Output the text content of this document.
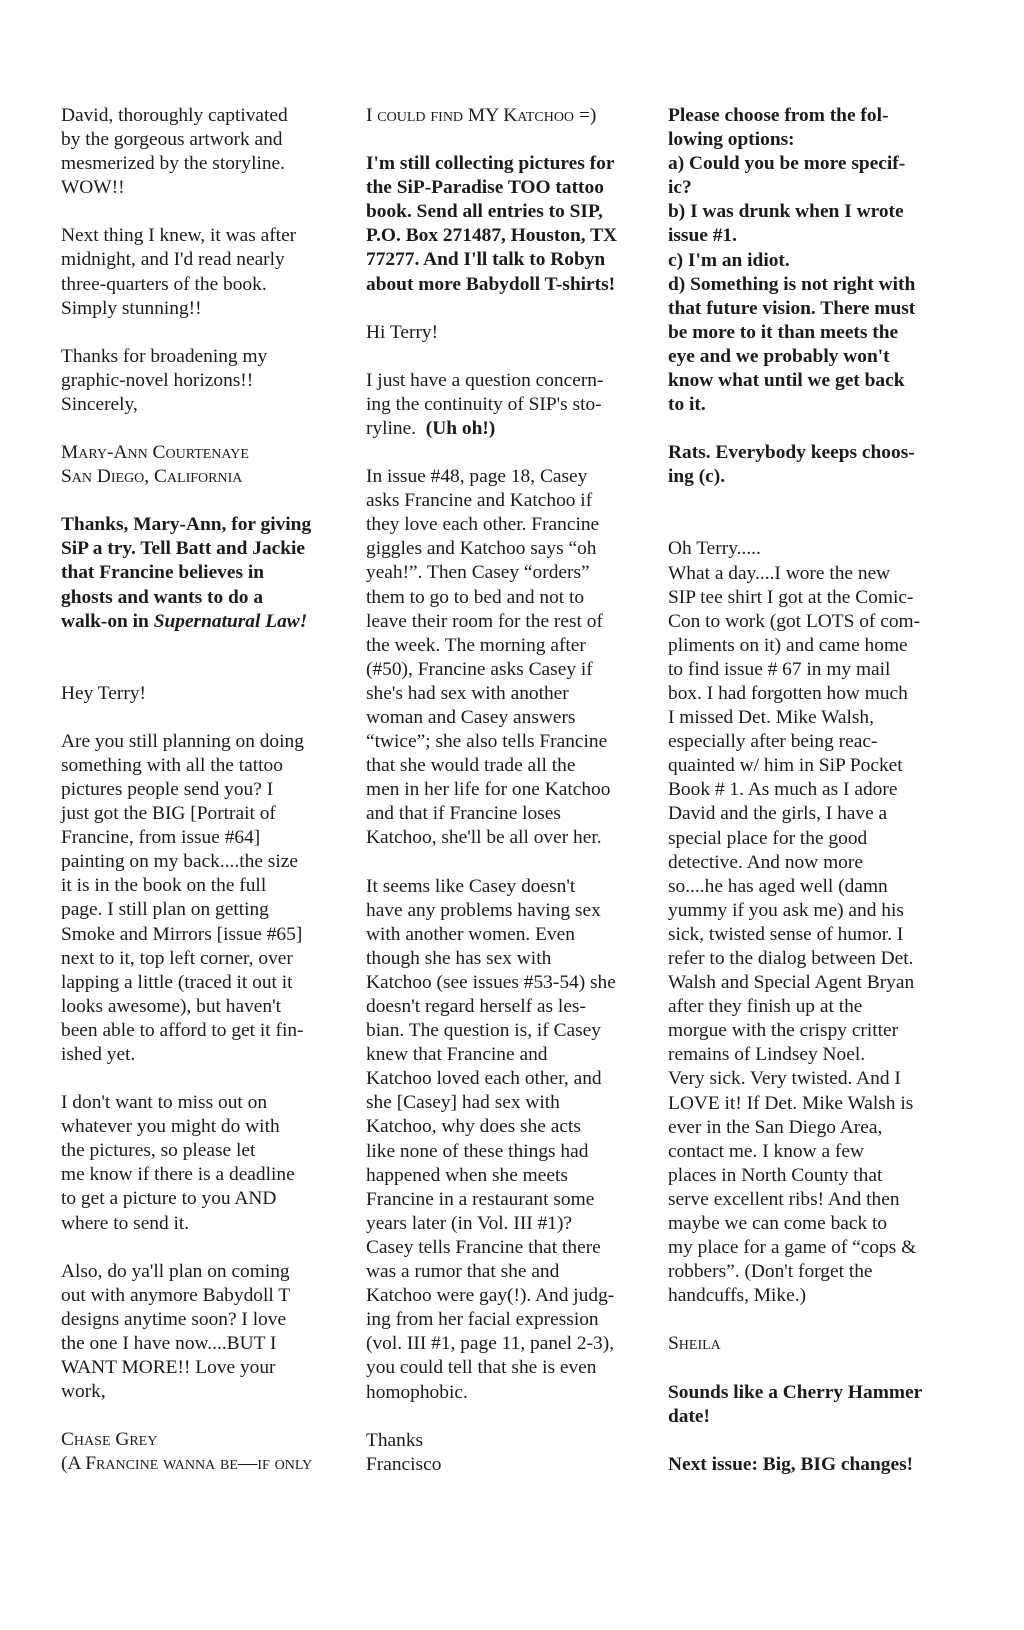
David, thoroughly captivated
by the gorgeous artwork and
mesmerized by the storyline.
WOW!!

Next thing I knew, it was after
midnight, and I'd read nearly
three-quarters of the book.
Simply stunning!!

Thanks for broadening my
graphic-novel horizons!!
Sincerely,

Mary-Ann Courtenaye
San Diego, California

Thanks, Mary-Ann, for giving
SiP a try. Tell Batt and Jackie
that Francine believes in
ghosts and wants to do a
walk-on in Supernatural Law!

Hey Terry!

Are you still planning on doing
something with all the tattoo
pictures people send you? I
just got the BIG [Portrait of
Francine, from issue #64]
painting on my back....the size
it is in the book on the full
page. I still plan on getting
Smoke and Mirrors [issue #65]
next to it, top left corner, over
lapping a little (traced it out it
looks awesome), but haven't
been able to afford to get it fin-
ished yet.

I don't want to miss out on
whatever you might do with
the pictures, so please let
me know if there is a deadline
to get a picture to you AND
where to send it.

Also, do ya'll plan on coming
out with anymore Babydoll T
designs anytime soon? I love
the one I have now....BUT I
WANT MORE!! Love your
work,

Chase Grey
(A Francine wanna be—if only

I could find MY Katchoo =)

I'm still collecting pictures for
the SiP-Paradise TOO tattoo
book. Send all entries to SIP,
P.O. Box 271487, Houston, TX
77277. And I'll talk to Robyn
about more Babydoll T-shirts!

Hi Terry!

I just have a question concern-
ing the continuity of SIP's sto-
ryline. (Uh oh!)

In issue #48, page 18, Casey
asks Francine and Katchoo if
they love each other. Francine
giggles and Katchoo says “oh
yeah!”. Then Casey “orders”
them to go to bed and not to
leave their room for the rest of
the week. The morning after
(#50), Francine asks Casey if
she's had sex with another
woman and Casey answers
“twice”; she also tells Francine
that she would trade all the
men in her life for one Katchoo
and that if Francine loses
Katchoo, she'll be all over her.

It seems like Casey doesn't
have any problems having sex
with another women. Even
though she has sex with
Katchoo (see issues #53-54) she
doesn't regard herself as les-
bian. The question is, if Casey
knew that Francine and
Katchoo loved each other, and
she [Casey] had sex with
Katchoo, why does she acts
like none of these things had
happened when she meets
Francine in a restaurant some
years later (in Vol. III #1)?
Casey tells Francine that there
was a rumor that she and
Katchoo were gay(!). And judg-
ing from her facial expression
(vol. III #1, page 11, panel 2-3),
you could tell that she is even
homophobic.

Thanks
Francisco

Please choose from the fol-
lowing options:
a) Could you be more specif-
ic?
b) I was drunk when I wrote
issue #1.
c) I'm an idiot.
d) Something is not right with
that future vision. There must
be more to it than meets the
eye and we probably won't
know what until we get back
to it.

Rats. Everybody keeps choos-
ing (c).

Oh Terry.....
What a day....I wore the new
SIP tee shirt I got at the Comic-
Con to work (got LOTS of com-
pliments on it) and came home
to find issue # 67 in my mail
box. I had forgotten how much
I missed Det. Mike Walsh,
especially after being reac-
quainted w/ him in SiP Pocket
Book # 1. As much as I adore
David and the girls, I have a
special place for the good
detective. And now more
so....he has aged well (damn
yummy if you ask me) and his
sick, twisted sense of humor. I
refer to the dialog between Det.
Walsh and Special Agent Bryan
after they finish up at the
morgue with the crispy critter
remains of Lindsey Noel.
Very sick. Very twisted. And I
LOVE it! If Det. Mike Walsh is
ever in the San Diego Area,
contact me. I know a few
places in North County that
serve excellent ribs! And then
maybe we can come back to
my place for a game of “cops &
robbers”. (Don't forget the
handcuffs, Mike.)

Sheila

Sounds like a Cherry Hammer
date!

Next issue: Big, BIG changes!
